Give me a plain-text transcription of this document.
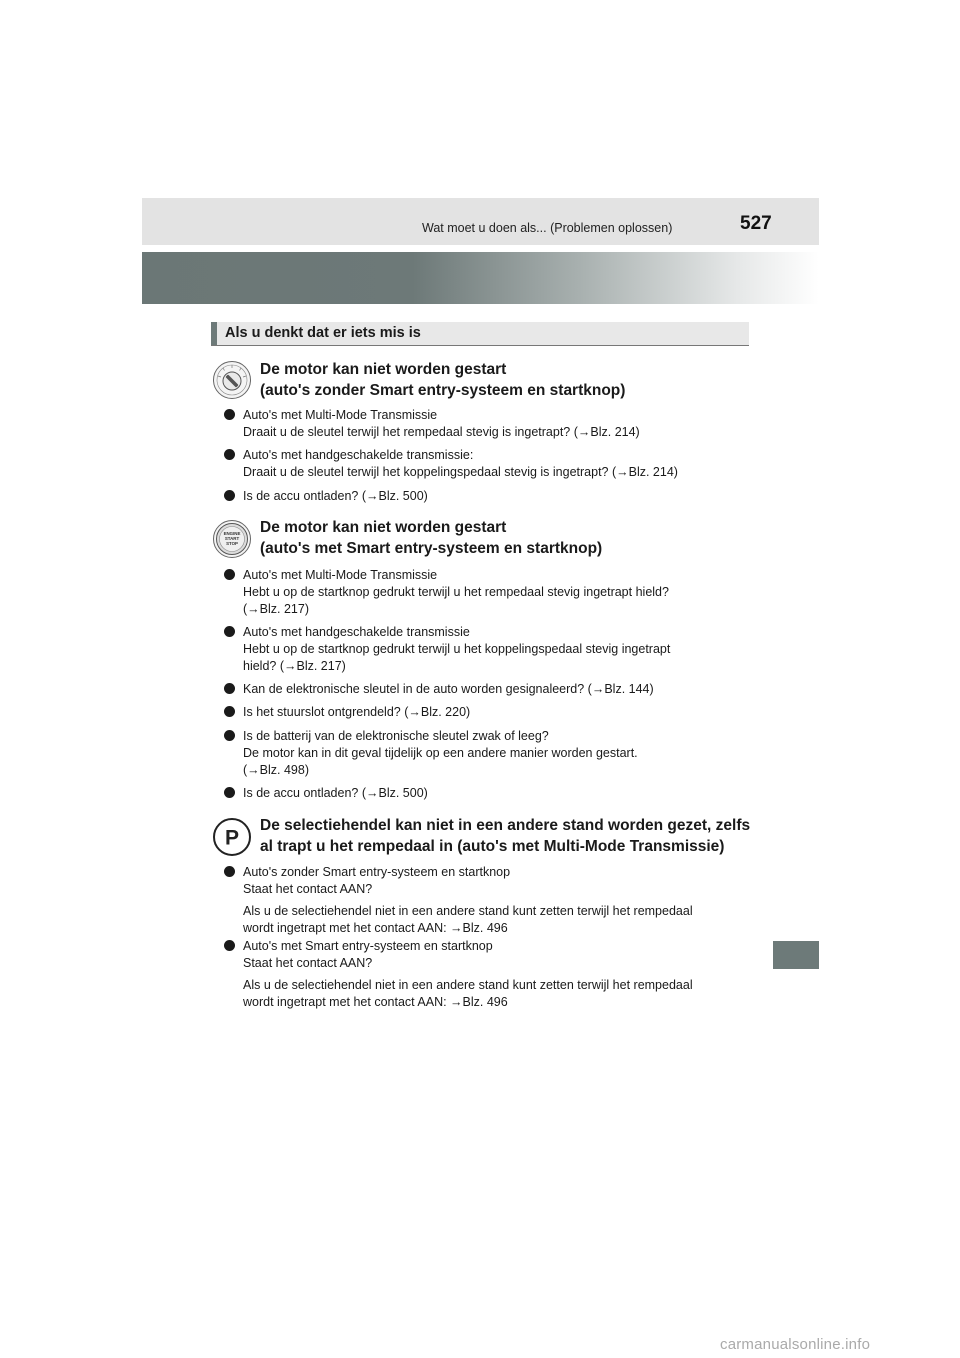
Wat moet u doen als... (Problemen oplossen)	527
Als u denkt dat er iets mis is
De motor kan niet worden gestart
(auto's zonder Smart entry-systeem en startknop)
Auto's met Multi-Mode Transmissie
Draait u de sleutel terwijl het rempedaal stevig is ingetrapt? (→Blz. 214)
Auto's met handgeschakelde transmissie:
Draait u de sleutel terwijl het koppelingspedaal stevig is ingetrapt? (→Blz. 214)
Is de accu ontladen? (→Blz. 500)
ENGINE
START
STOP
De motor kan niet worden gestart
(auto's met Smart entry-systeem en startknop)
Auto's met Multi-Mode Transmissie
Hebt u op de startknop gedrukt terwijl u het rempedaal stevig ingetrapt hield?
(→Blz. 217)
Auto's met handgeschakelde transmissie
Hebt u op de startknop gedrukt terwijl u het koppelingspedaal stevig ingetrapt
hield? (→Blz. 217)
Kan de elektronische sleutel in de auto worden gesignaleerd? (→Blz. 144)
Is het stuurslot ontgrendeld? (→Blz. 220)
Is de batterij van de elektronische sleutel zwak of leeg?
De motor kan in dit geval tijdelijk op een andere manier worden gestart.
(→Blz. 498)
Is de accu ontladen? (→Blz. 500)
P
De selectiehendel kan niet in een andere stand worden gezet, zelfs
al trapt u het rempedaal in (auto's met Multi-Mode Transmissie)
Auto's zonder Smart entry-systeem en startknop
Staat het contact AAN?
Als u de selectiehendel niet in een andere stand kunt zetten terwijl het rempedaal
wordt ingetrapt met het contact AAN: →Blz. 496
Auto's met Smart entry-systeem en startknop
Staat het contact AAN?
Als u de selectiehendel niet in een andere stand kunt zetten terwijl het rempedaal
wordt ingetrapt met het contact AAN: →Blz. 496
carmanualsonline.info
